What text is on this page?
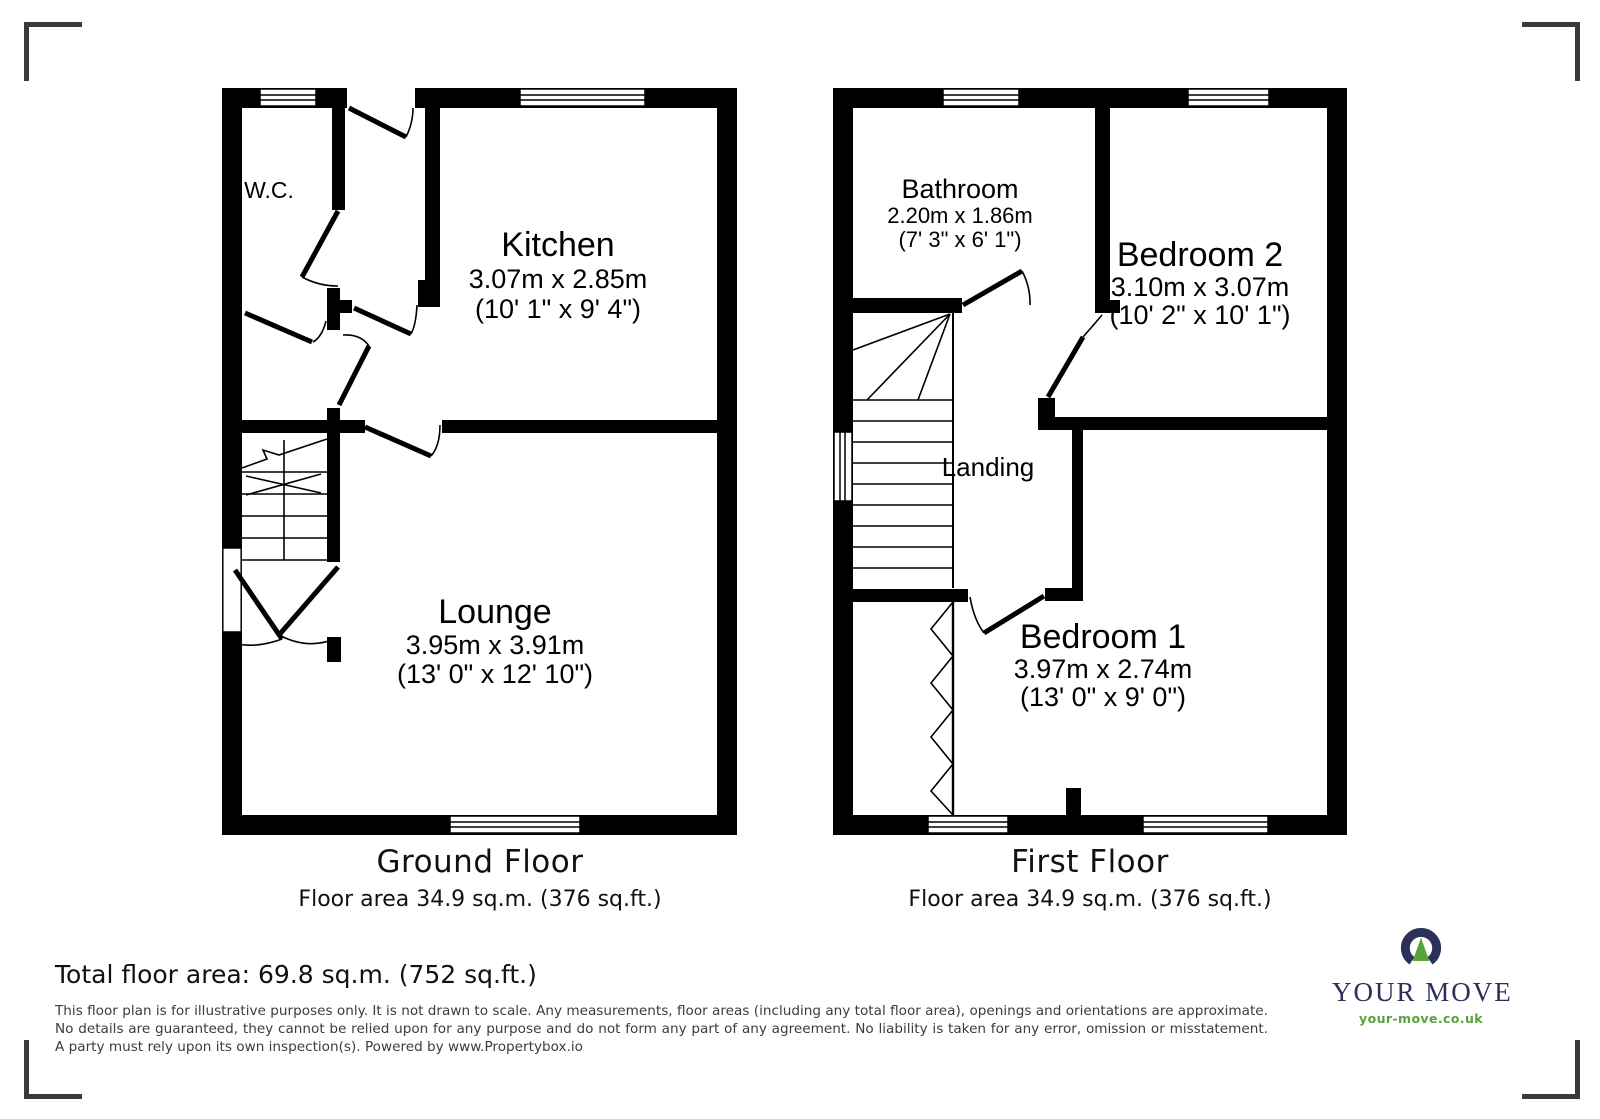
W.C.
Kitchen
3.07m x 2.85m
(10' 1" x 9' 4")
Lounge
3.95m x 3.91m
(13' 0" x 12' 10")
Bathroom
2.20m x 1.86m
(7' 3" x 6' 1")	Bedroom 2
3.10m x 3.07m
(10' 2" x 10' 1")
Landing
Bedroom 1
3.97m x 2.74m
(13' 0" x 9' 0")
Ground Floor
Floor area 34.9 sq.m. (376 sq.ft.)
First Floor
Floor area 34.9 sq.m. (376 sq.ft.)
Total floor area: 69.8 sq.m. (752 sq.ft.)
This floor plan is for illustrative purposes only. It is not drawn to scale. Any measurements, floor areas (including any total floor area), openings and orientations are approximate. No details are guaranteed, they cannot be relied upon for any purpose and do not form any part of any agreement. No liability is taken for any error, omission or misstatement. A party must rely upon its own inspection(s). Powered by www.Propertybox.io
YOUR MOVE
your-move.co.uk
